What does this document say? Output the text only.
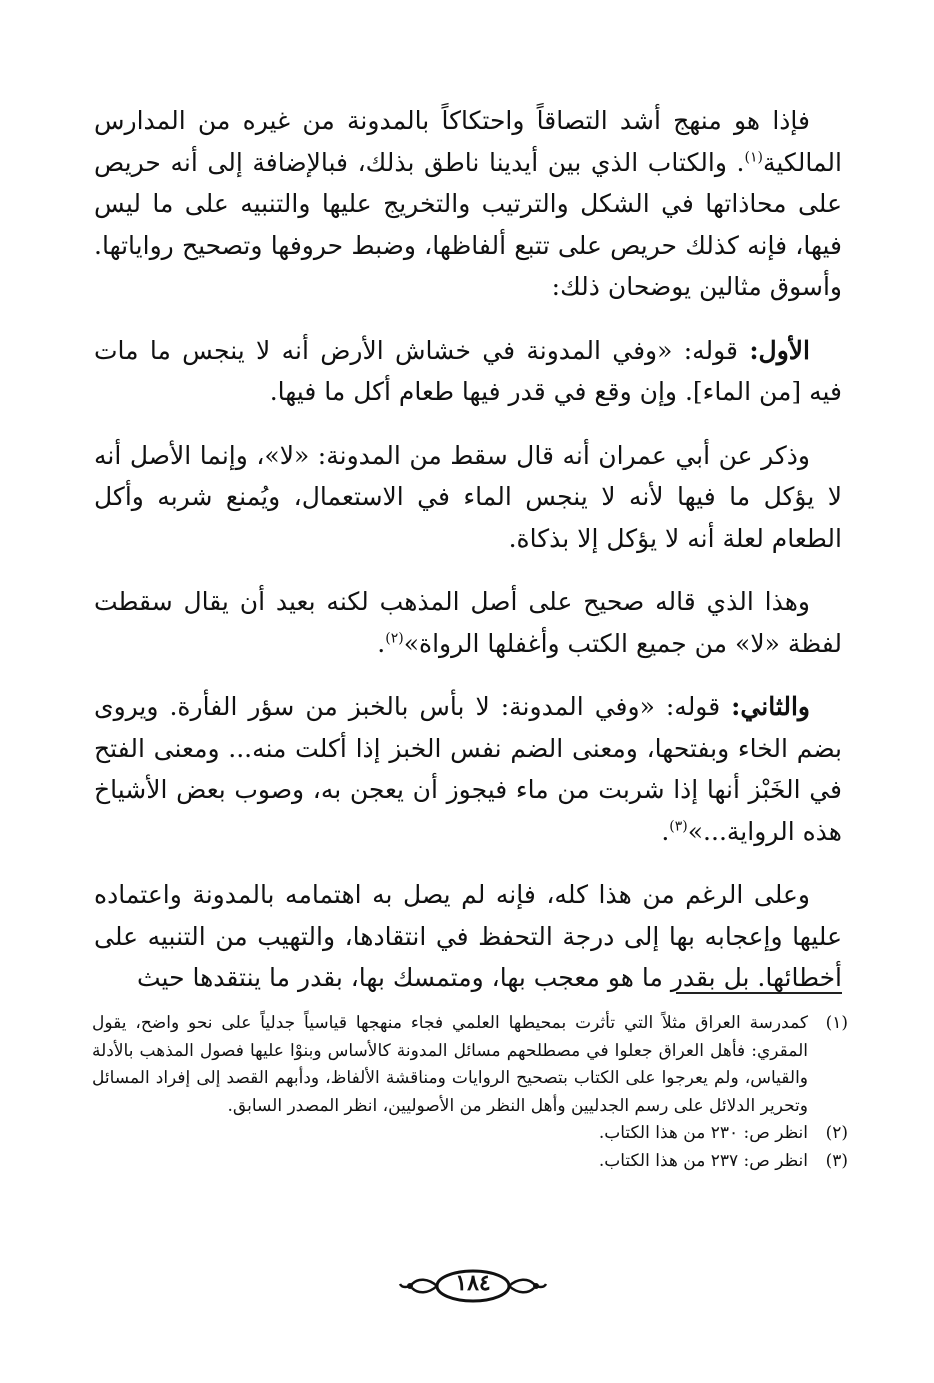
فإذا هو منهج أشد التصاقاً واحتكاكاً بالمدونة من غيره من المدارس المالكية$^{(١)}$. والكتاب الذي بين أيدينا ناطق بذلك، فبالإضافة إلى أنه حريص على محاذاتها في الشكل والترتيب والتخريج عليها والتنبيه على ما ليس فيها، فإنه كذلك حريص على تتبع ألفاظها، وضبط حروفها وتصحيح رواياتها. وأسوق مثالين يوضحان ذلك:

الأول: قوله: «وفي المدونة في خشاش الأرض أنه لا ينجس ما مات فيه [من الماء]. وإن وقع في قدر فيها طعام أكل ما فيها.

وذكر عن أبي عمران أنه قال سقط من المدونة: «لا»، وإنما الأصل أنه لا يؤكل ما فيها لأنه لا ينجس الماء في الاستعمال، ويُمنع شربه وأكل الطعام لعلة أنه لا يؤكل إلا بذكاة.

وهذا الذي قاله صحيح على أصل المذهب لكنه بعيد أن يقال سقطت لفظة «لا» من جميع الكتب وأغفلها الرواة»$^{(٢)}$.

والثاني: قوله: «وفي المدونة: لا بأس بالخبز من سؤر الفأرة. ويروى بضم الخاء وبفتحها، ومعنى الضم نفس الخبز إذا أكلت منه... ومعنى الفتح في الخَبْز أنها إذا شربت من ماء فيجوز أن يعجن به، وصوب بعض الأشياخ هذه الرواية...»$^{(٣)}$.

وعلى الرغم من هذا كله، فإنه لم يصل به اهتمامه بالمدونة واعتماده عليها وإعجابه بها إلى درجة التحفظ في انتقادها، والتهيب من التنبيه على أخطائها. بل بقدر ما هو معجب بها، ومتمسك بها، بقدر ما ينتقدها حيث

(١)
كمدرسة العراق مثلاً التي تأثرت بمحيطها العلمي فجاء منهجها قياسياً جدلياً على نحو واضح، يقول المقري: فأهل العراق جعلوا في مصطلحهم مسائل المدونة كالأساس وبنوْا عليها فصول المذهب بالأدلة والقياس، ولم يعرجوا على الكتاب بتصحيح الروايات ومناقشة الألفاظ، ودأبهم القصد إلى إفراد المسائل وتحرير الدلائل على رسم الجدليين وأهل النظر من الأصوليين، انظر المصدر السابق.
(٢)
انظر ص: ٢٣٠ من هذا الكتاب.
(٣)
انظر ص: ٢٣٧ من هذا الكتاب.
١٨٤
